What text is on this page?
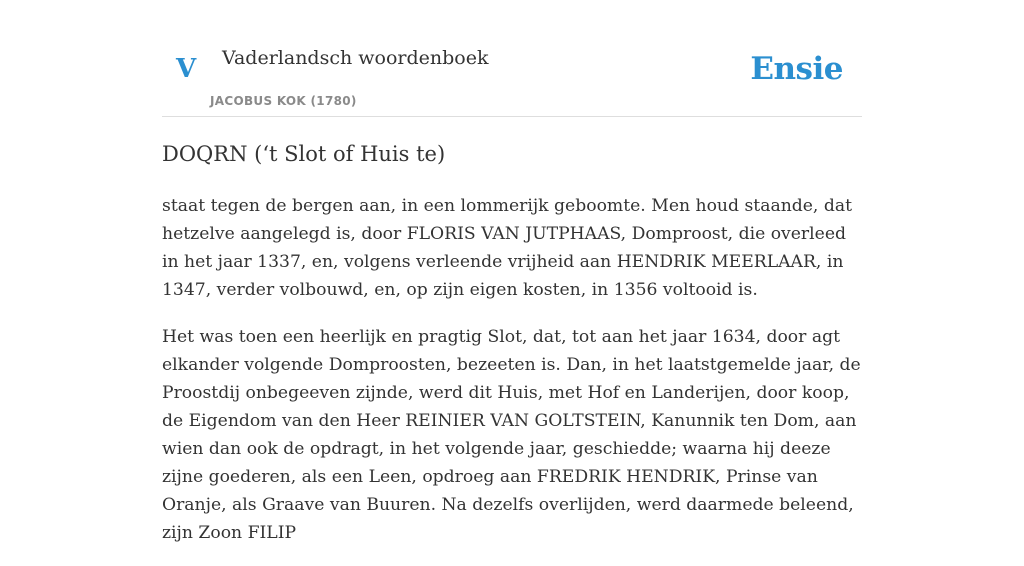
V Vaderlandsch woordenboek
JACOBUS KOK (1780)
Ensie
DOQRN (‘t Slot of Huis te)

staat tegen de bergen aan, in een lommerijk geboomte. Men houd staande, dat hetzelve aangelegd is, door FLORIS VAN JUTPHAAS, Domproost, die overleed in het jaar 1337, en, volgens verleende vrijheid aan HENDRIK MEERLAAR, in 1347, verder volbouwd, en, op zijn eigen kosten, in 1356 voltooid is.

Het was toen een heerlijk en pragtig Slot, dat, tot aan het jaar 1634, door agt elkander volgende Domproosten, bezeeten is. Dan, in het laatstgemelde jaar, de Proostdij onbegeeven zijnde, werd dit Huis, met Hof en Landerijen, door koop, de Eigendom van den Heer REINIER VAN GOLTSTEIN, Kanunnik ten Dom, aan wien dan ook de opdragt, in het volgende jaar, geschiedde; waarna hij deeze zijne goederen, als een Leen, opdroeg aan FREDRIK HENDRIK, Prinse van Oranje, als Graave van Buuren. Na dezelfs overlijden, werd daarmede beleend, zijn Zoon FILIP
